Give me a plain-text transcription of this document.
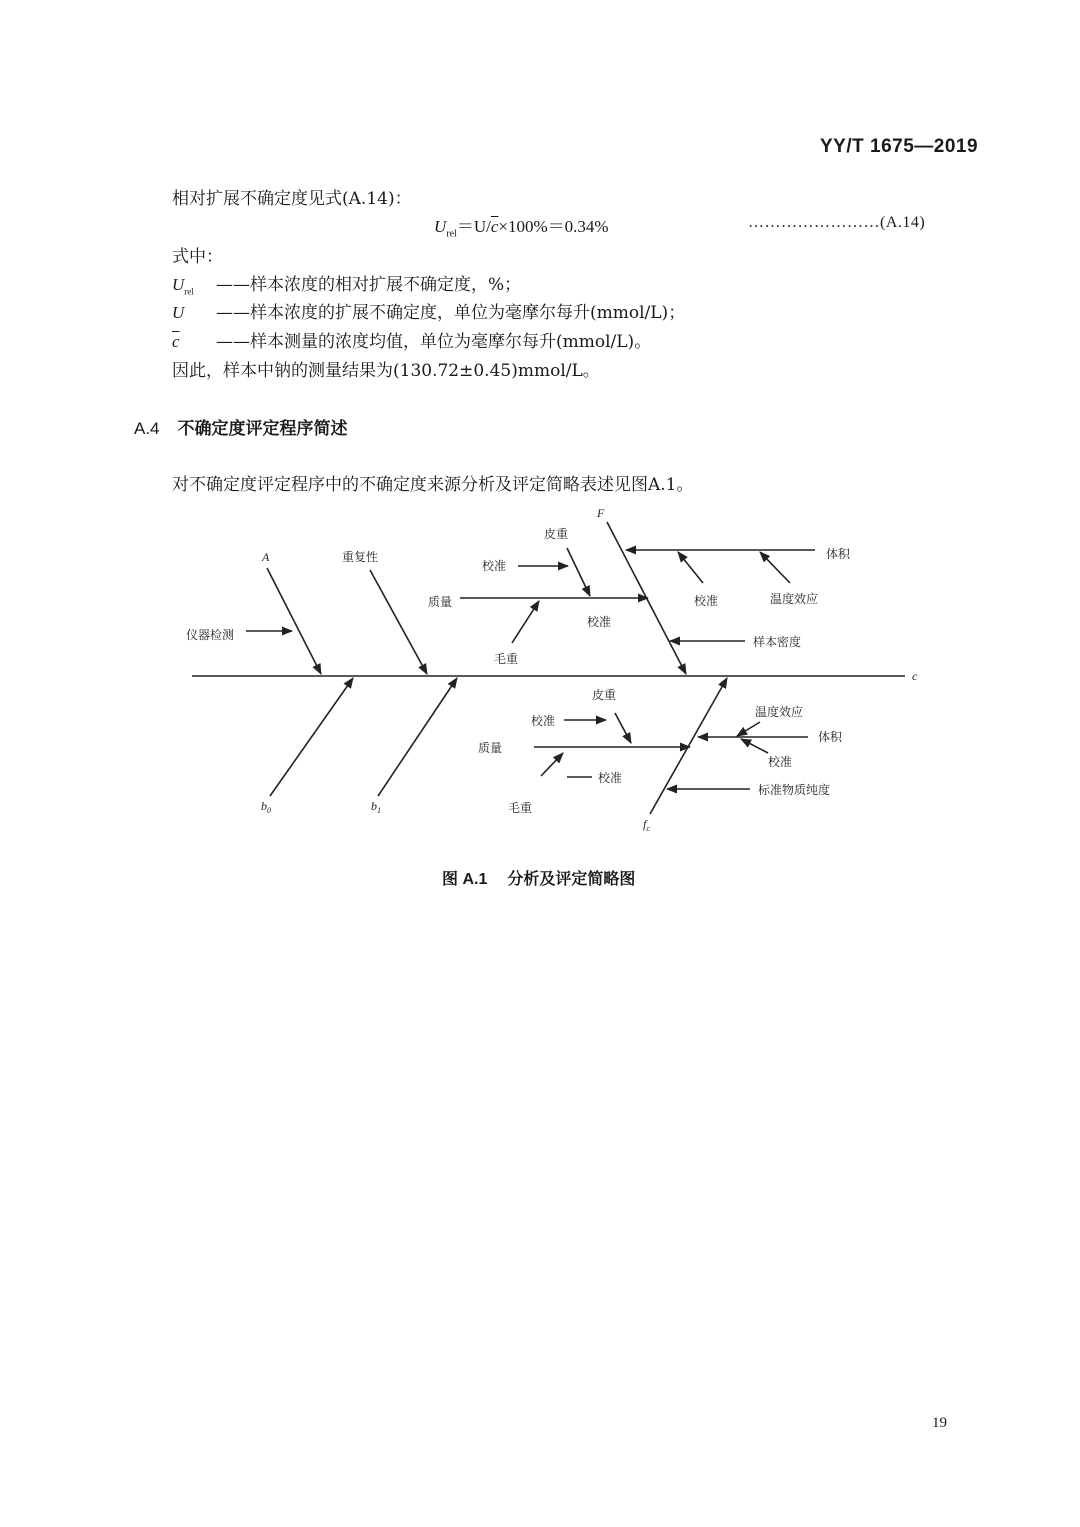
YY/T 1675—2019
相对扩展不确定度见式(A.14)：
$U_{rel}=U/\overline{c}\times 100\%=0.34\%$	……………………(A.14)
式中：
$U_{rel}$ ——样本浓度的相对扩展不确定度，%；
U ——样本浓度的扩展不确定度，单位为毫摩尔每升(mmol/L)；
$\overline{c}$ ——样本测量的浓度均值，单位为毫摩尔每升(mmol/L)。
因此，样本中钠的测量结果为(130.72±0.45)mmol/L。
A.4 不确定度评定程序简述
对不确定度评定程序中的不确定度来源分析及评定简略表述见图A.1。
A
仪器检测
重复性
皮重
校准
质量
校准
毛重
F
体积
校准	温度效应
样本密度
c
$b_0$	$b_1$
皮重
校准
质量
校准
毛重
温度效应
体积
校准
标准物质纯度
$f_c$
图 A.1 分析及评定简略图
19
